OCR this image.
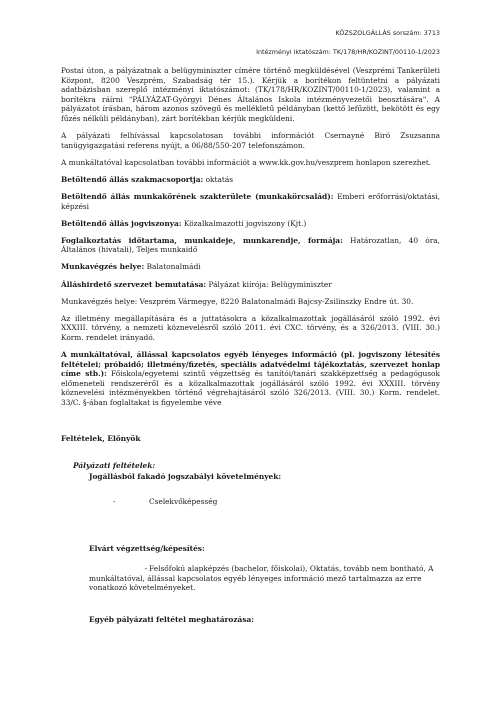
KÖZSZOLGÁLLÁS sorszám: 3713
Intézményi iktatószám: TK/178/HR/KOZINT/00110-1/2023

Postai úton, a pályázatnak a belügyminiszter címére történő megküldésével (Veszprémi Tankerületi Központ, 8200 Veszprém, Szabadság tér 15.). Kérjük a borítékon feltüntetni a pályázati adatbázisban szereplő intézményi iktatószámot: (TK/178/HR/KOZINT/00110-1/2023), valamint a borítékra ráírni "PÁLYÁZAT-Györgyi Dénes Általános Iskola intézményvezetői beosztására". A pályázatot írásban, három azonos szövegű és mellékletű példányban (kettő lefűzött, bekötött és egy fűzés nélküli példányban), zárt borítékban kérjük megküldeni.

A pályázati felhívással kapcsolatosan további információt Csernayné Biró Zsuzsanna tanügyigazgatási referens nyújt, a 06/88/550-207 telefonszámon.

A munkáltatóval kapcsolatban további információt a www.kk.gov.hu/veszprem honlapon szerezhet.

Betöltendő állás szakmacsoportja: oktatás

Betöltendő állás munkakörének szakterülete (munkakörcsalád): Emberi erőforrási/oktatási, képzési

Betöltendő állás jogviszonya: Közalkalmazotti jogviszony (Kjt.)

Foglalkoztatás időtartama, munkaideje, munkarendje, formája: Határozatlan, 40 óra, Általános (hivatali), Teljes munkaidő

Munkavégzés helye: Balatonalmádi

Álláshirdető szervezet bemutatása: Pályázat kiírója: Belügyminiszter

Munkavégzés helye: Veszprém Vármegye, 8220 Balatonalmádi Bajcsy-Zsilinszky Endre út. 30.

Az illetmény megállapítására és a juttatásokra a közalkalmazottak jogállásáról szóló 1992. évi XXXIII. törvény, a nemzeti köznevelésről szóló 2011. évi CXC. törvény, és a 326/2013. (VIII. 30.) Korm. rendelet irányadó.

A munkáltatóval, állással kapcsolatos egyéb lényeges információ (pl. jogviszony létesítés feltételei; próbaidő; illetmény/fizetés, speciális adatvédelmi tájékoztatás, szervezet honlap címe stb.): Főiskola/egyetemi szintű végzettség és tanítói/tanári szakképzettség a pedagógusok előmeneteli rendszeréről és a közalkalmazottak jogállásáról szóló 1992. évi XXXIII. törvény köznevelési intézményekben történő végrehajtásáról szóló 326/2013. (VIII. 30.) Korm. rendelet. 33/C. §-ában foglaltakat is figyelembe véve

Feltételek, Előnyök
Pályázati feltételek:
Jogállásból fakadó jogszabályi követelmények:
-	Cselekvőképesség
Elvárt végzettség/képesítés:
- Felsőfokú alapképzés (bachelor, főiskolai), Oktatás, tovább nem bontható, A munkáltatóval, állással kapcsolatos egyéb lényeges információ mező tartalmazza az erre vonatkozó követelményeket.
Egyéb pályázati feltétel meghatározása:
